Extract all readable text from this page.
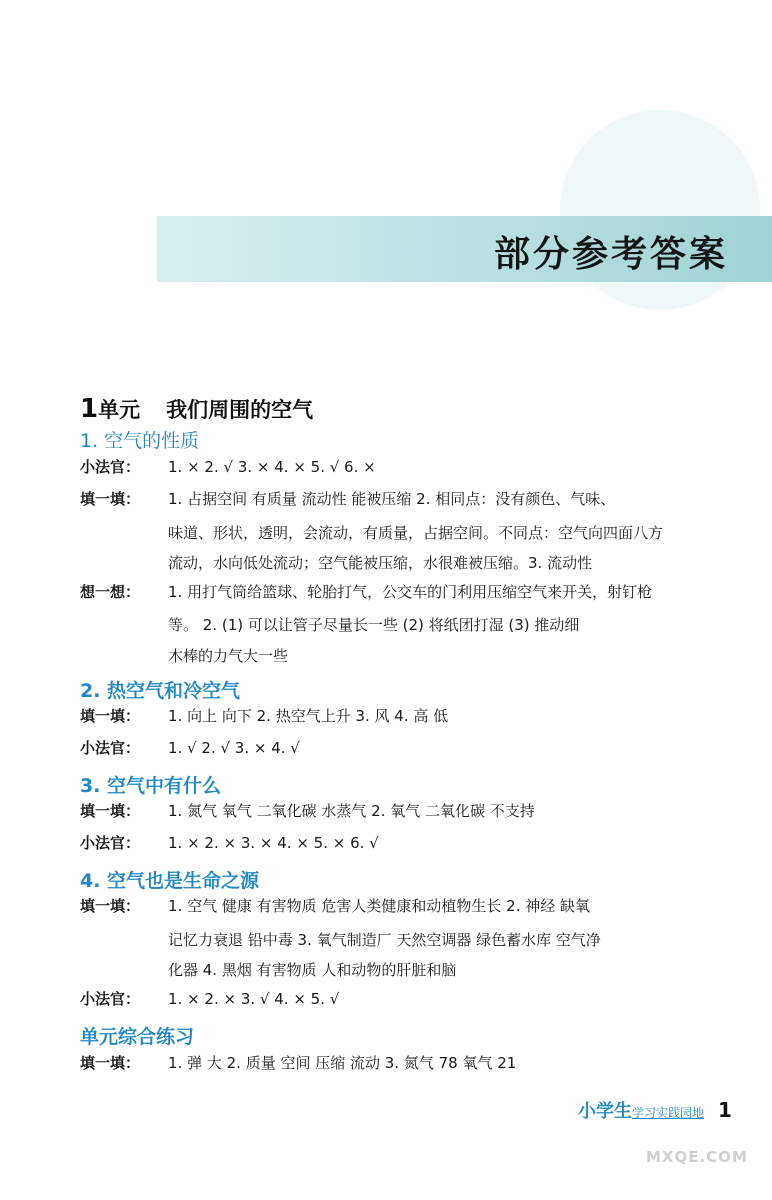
部分参考答案
1单元 我们周围的空气
1. 空气的性质
小法官： 1. × 2. √ 3. × 4. × 5. √ 6. ×
填一填： 1. 占据空间 有质量 流动性 能被压缩 2. 相同点：没有颜色、气味、
味道、形状，透明，会流动，有质量，占据空间。不同点：空气向四面八方
流动，水向低处流动；空气能被压缩，水很难被压缩。3. 流动性
想一想： 1. 用打气筒给篮球、轮胎打气，公交车的门利用压缩空气来开关，射钉枪
等。 2. (1) 可以让管子尽量长一些 (2) 将纸团打湿 (3) 推动细
木棒的力气大一些
2. 热空气和冷空气
填一填： 1. 向上 向下 2. 热空气上升 3. 风 4. 高 低
小法官： 1. √ 2. √ 3. × 4. √
3. 空气中有什么
填一填： 1. 氮气 氧气 二氧化碳 水蒸气 2. 氧气 二氧化碳 不支持
小法官： 1. × 2. × 3. × 4. × 5. × 6. √
4. 空气也是生命之源
填一填： 1. 空气 健康 有害物质 危害人类健康和动植物生长 2. 神经 缺氧
记忆力衰退 铅中毒 3. 氧气制造厂 天然空调器 绿色蓄水库 空气净
化器 4. 黑烟 有害物质 人和动物的肝脏和脑
小法官： 1. × 2. × 3. √ 4. × 5. √
单元综合练习
填一填： 1. 弹 大 2. 质量 空间 压缩 流动 3. 氮气 78 氧气 21
小学生学习实践园地 1
MXQE.COM
